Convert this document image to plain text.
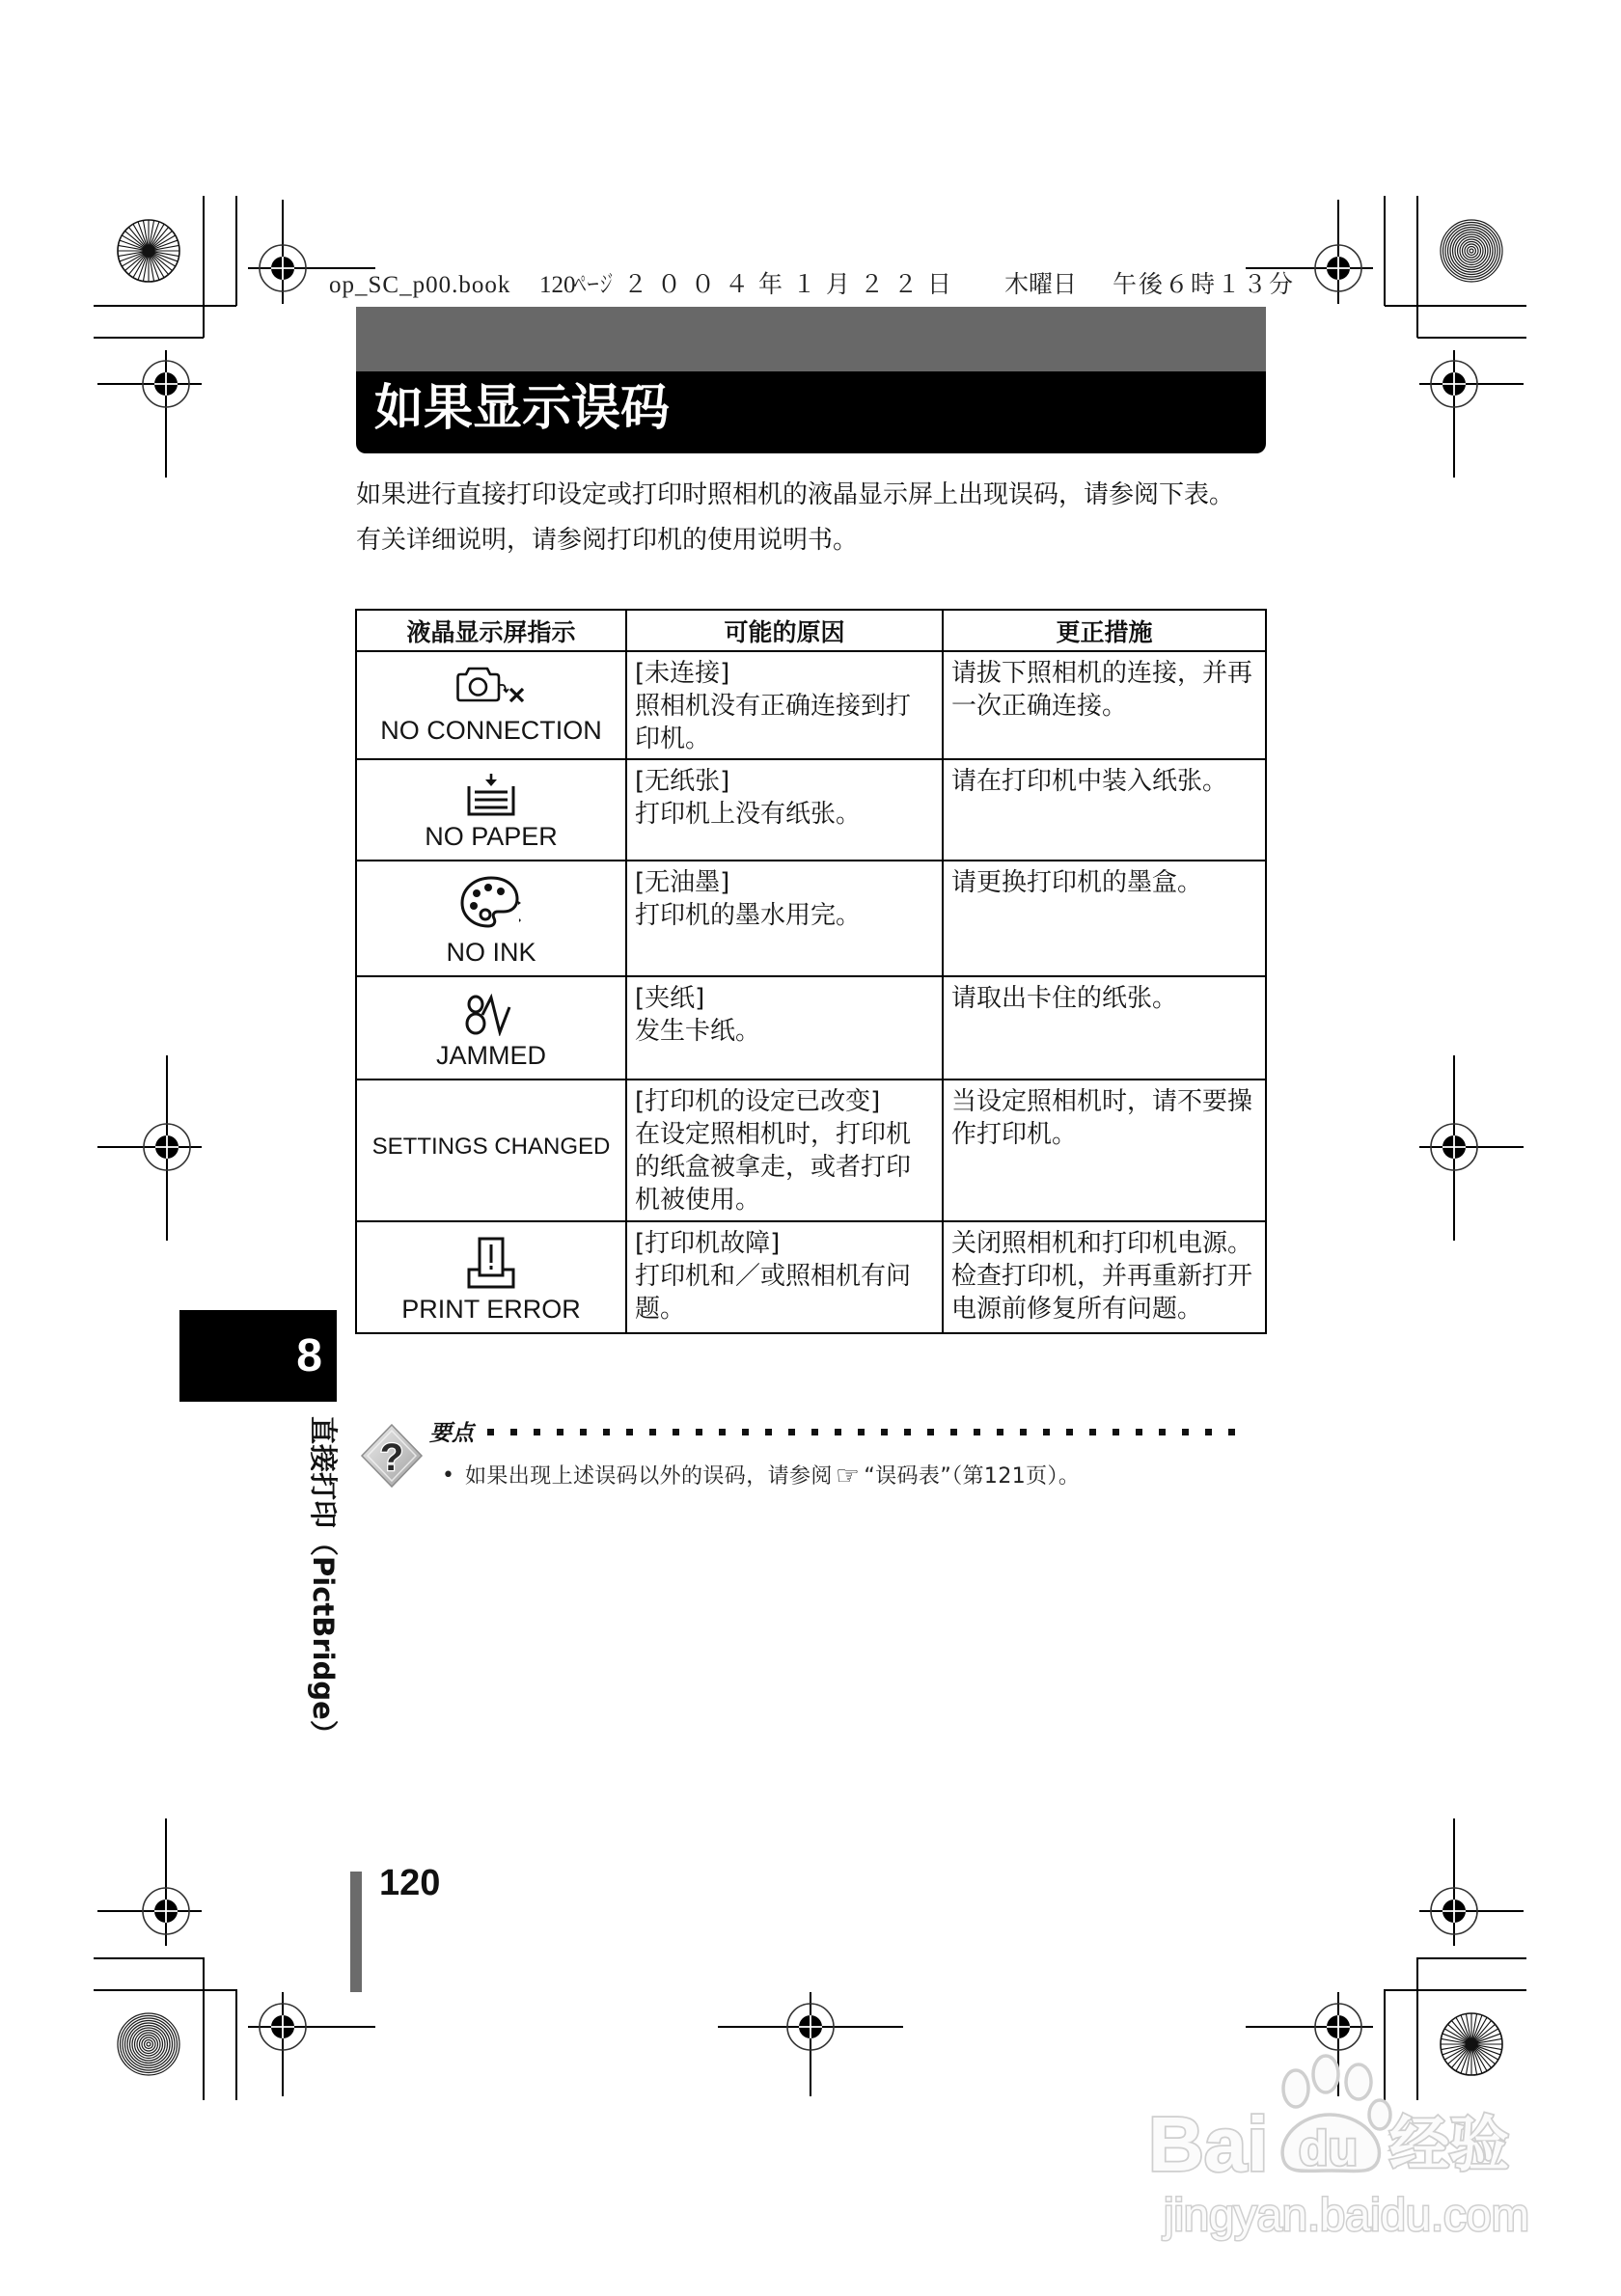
op_SC_p00.book 120
ページ ２００４年１月２２日 木曜日 午後６時１３分
如果显示误码
如果进行直接打印设定或打印时照相机的液晶显示屏上出现误码，请参阅下表。
有关详细说明，请参阅打印机的使用说明书。
液晶显示屏指示	可能的原因	更正措施
NO CONNECTION
[未连接]
照相机没有正确连接到打
印机。
请拔下照相机的连接，并再
一次正确连接。
NO PAPER
[无纸张]
打印机上没有纸张。
请在打印机中装入纸张。
NO INK
[无油墨]
打印机的墨水用完。
请更换打印机的墨盒。
JAMMED
[夹纸]
发生卡纸。
请取出卡住的纸张。
SETTINGS CHANGED
[打印机的设定已改变]
在设定照相机时，打印机
的纸盒被拿走，或者打印
机被使用。
当设定照相机时，请不要操
作打印机。
PRINT ERROR
[打印机故障]
打印机和／或照相机有问
题。
关闭照相机和打印机电源。
检查打印机，并再重新打开
电源前修复所有问题。
8
直接打印（PictBridge） ?
要点
• 如果出现上述误码以外的误码，请参阅 ☞ “误码表”（第121页）。
120
Bai du 经验
jingyan.baidu.com
